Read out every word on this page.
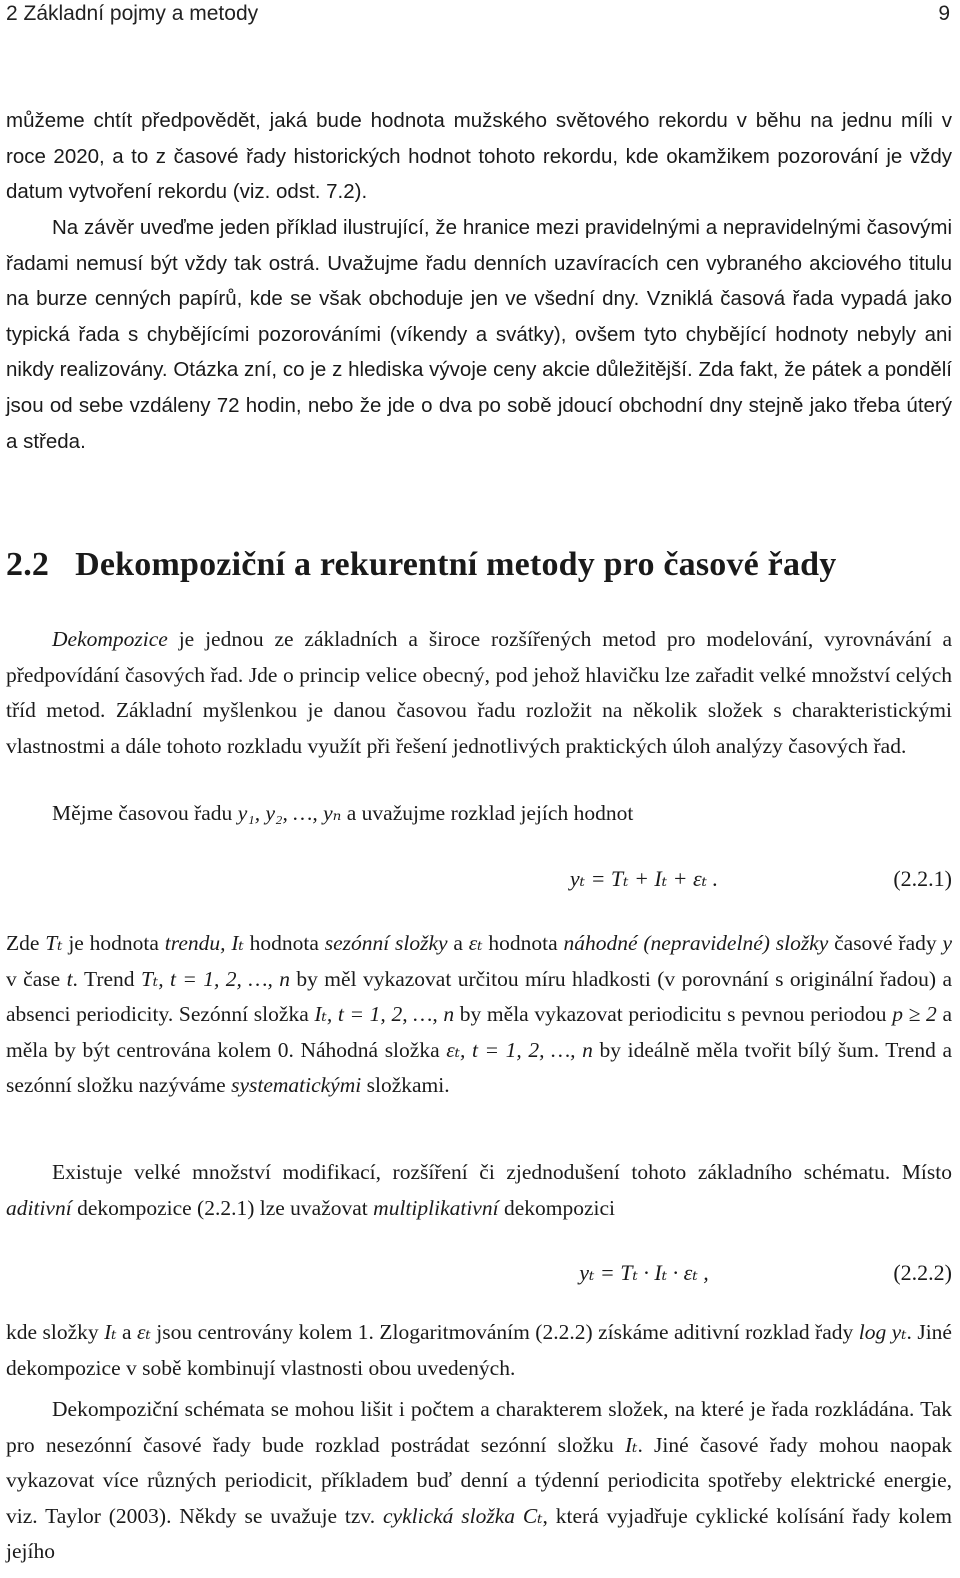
2 Základní pojmy a metody	9

můžeme chtít předpovědět, jaká bude hodnota mužského světového rekordu v běhu na jednu míli v roce 2020, a to z časové řady historických hodnot tohoto rekordu, kde okamžikem pozorování je vždy datum vytvoření rekordu (viz. odst. 7.2).

Na závěr uveďme jeden příklad ilustrující, že hranice mezi pravidelnými a nepravidelnými časovými řadami nemusí být vždy tak ostrá. Uvažujme řadu denních uzavíracích cen vybraného akciového titulu na burze cenných papírů, kde se však obchoduje jen ve všední dny. Vzniklá časová řada vypadá jako typická řada s chybějícími pozorováními (víkendy a svátky), ovšem tyto chybějící hodnoty nebyly ani nikdy realizovány. Otázka zní, co je z hlediska vývoje ceny akcie důležitější. Zda fakt, že pátek a pondělí jsou od sebe vzdáleny 72 hodin, nebo že jde o dva po sobě jdoucí obchodní dny stejně jako třeba úterý a středa.

2.2 Dekompoziční a rekurentní metody pro časové řady

Dekompozice je jednou ze základních a široce rozšířených metod pro modelování, vyrovnávání a předpovídání časových řad. Jde o princip velice obecný, pod jehož hlavičku lze zařadit velké množství celých tříd metod. Základní myšlenkou je danou časovou řadu rozložit na několik složek s charakteristickými vlastnostmi a dále tohoto rozkladu využít při řešení jednotlivých praktických úloh analýzy časových řad.

Mějme časovou řadu y₁, y₂, …, yₙ a uvažujme rozklad jejích hodnot

yₜ = Tₜ + Iₜ + εₜ .	(2.2.1)

Zde Tₜ je hodnota trendu, Iₜ hodnota sezónní složky a εₜ hodnota náhodné (nepravidelné) složky časové řady y v čase t. Trend Tₜ, t = 1, 2, …, n by měl vykazovat určitou míru hladkosti (v porovnání s originální řadou) a absenci periodicity. Sezónní složka Iₜ, t = 1, 2, …, n by měla vykazovat periodicitu s pevnou periodou p ≥ 2 a měla by být centrována kolem 0. Náhodná složka εₜ, t = 1, 2, …, n by ideálně měla tvořit bílý šum. Trend a sezónní složku nazýváme systematickými složkami.

Existuje velké množství modifikací, rozšíření či zjednodušení tohoto základního schématu. Místo aditivní dekompozice (2.2.1) lze uvažovat multiplikativní dekompozici

yₜ = Tₜ · Iₜ · εₜ ,	(2.2.2)

kde složky Iₜ a εₜ jsou centrovány kolem 1. Zlogaritmováním (2.2.2) získáme aditivní rozklad řady log yₜ. Jiné dekompozice v sobě kombinují vlastnosti obou uvedených.

Dekompoziční schémata se mohou lišit i počtem a charakterem složek, na které je řada rozkládána. Tak pro nesezónní časové řady bude rozklad postrádat sezónní složku Iₜ. Jiné časové řady mohou naopak vykazovat více různých periodicit, příkladem buď denní a týdenní periodicita spotřeby elektrické energie, viz. Taylor (2003). Někdy se uvažuje tzv. cyklická složka Cₜ, která vyjadřuje cyklické kolísání řady kolem jejího
